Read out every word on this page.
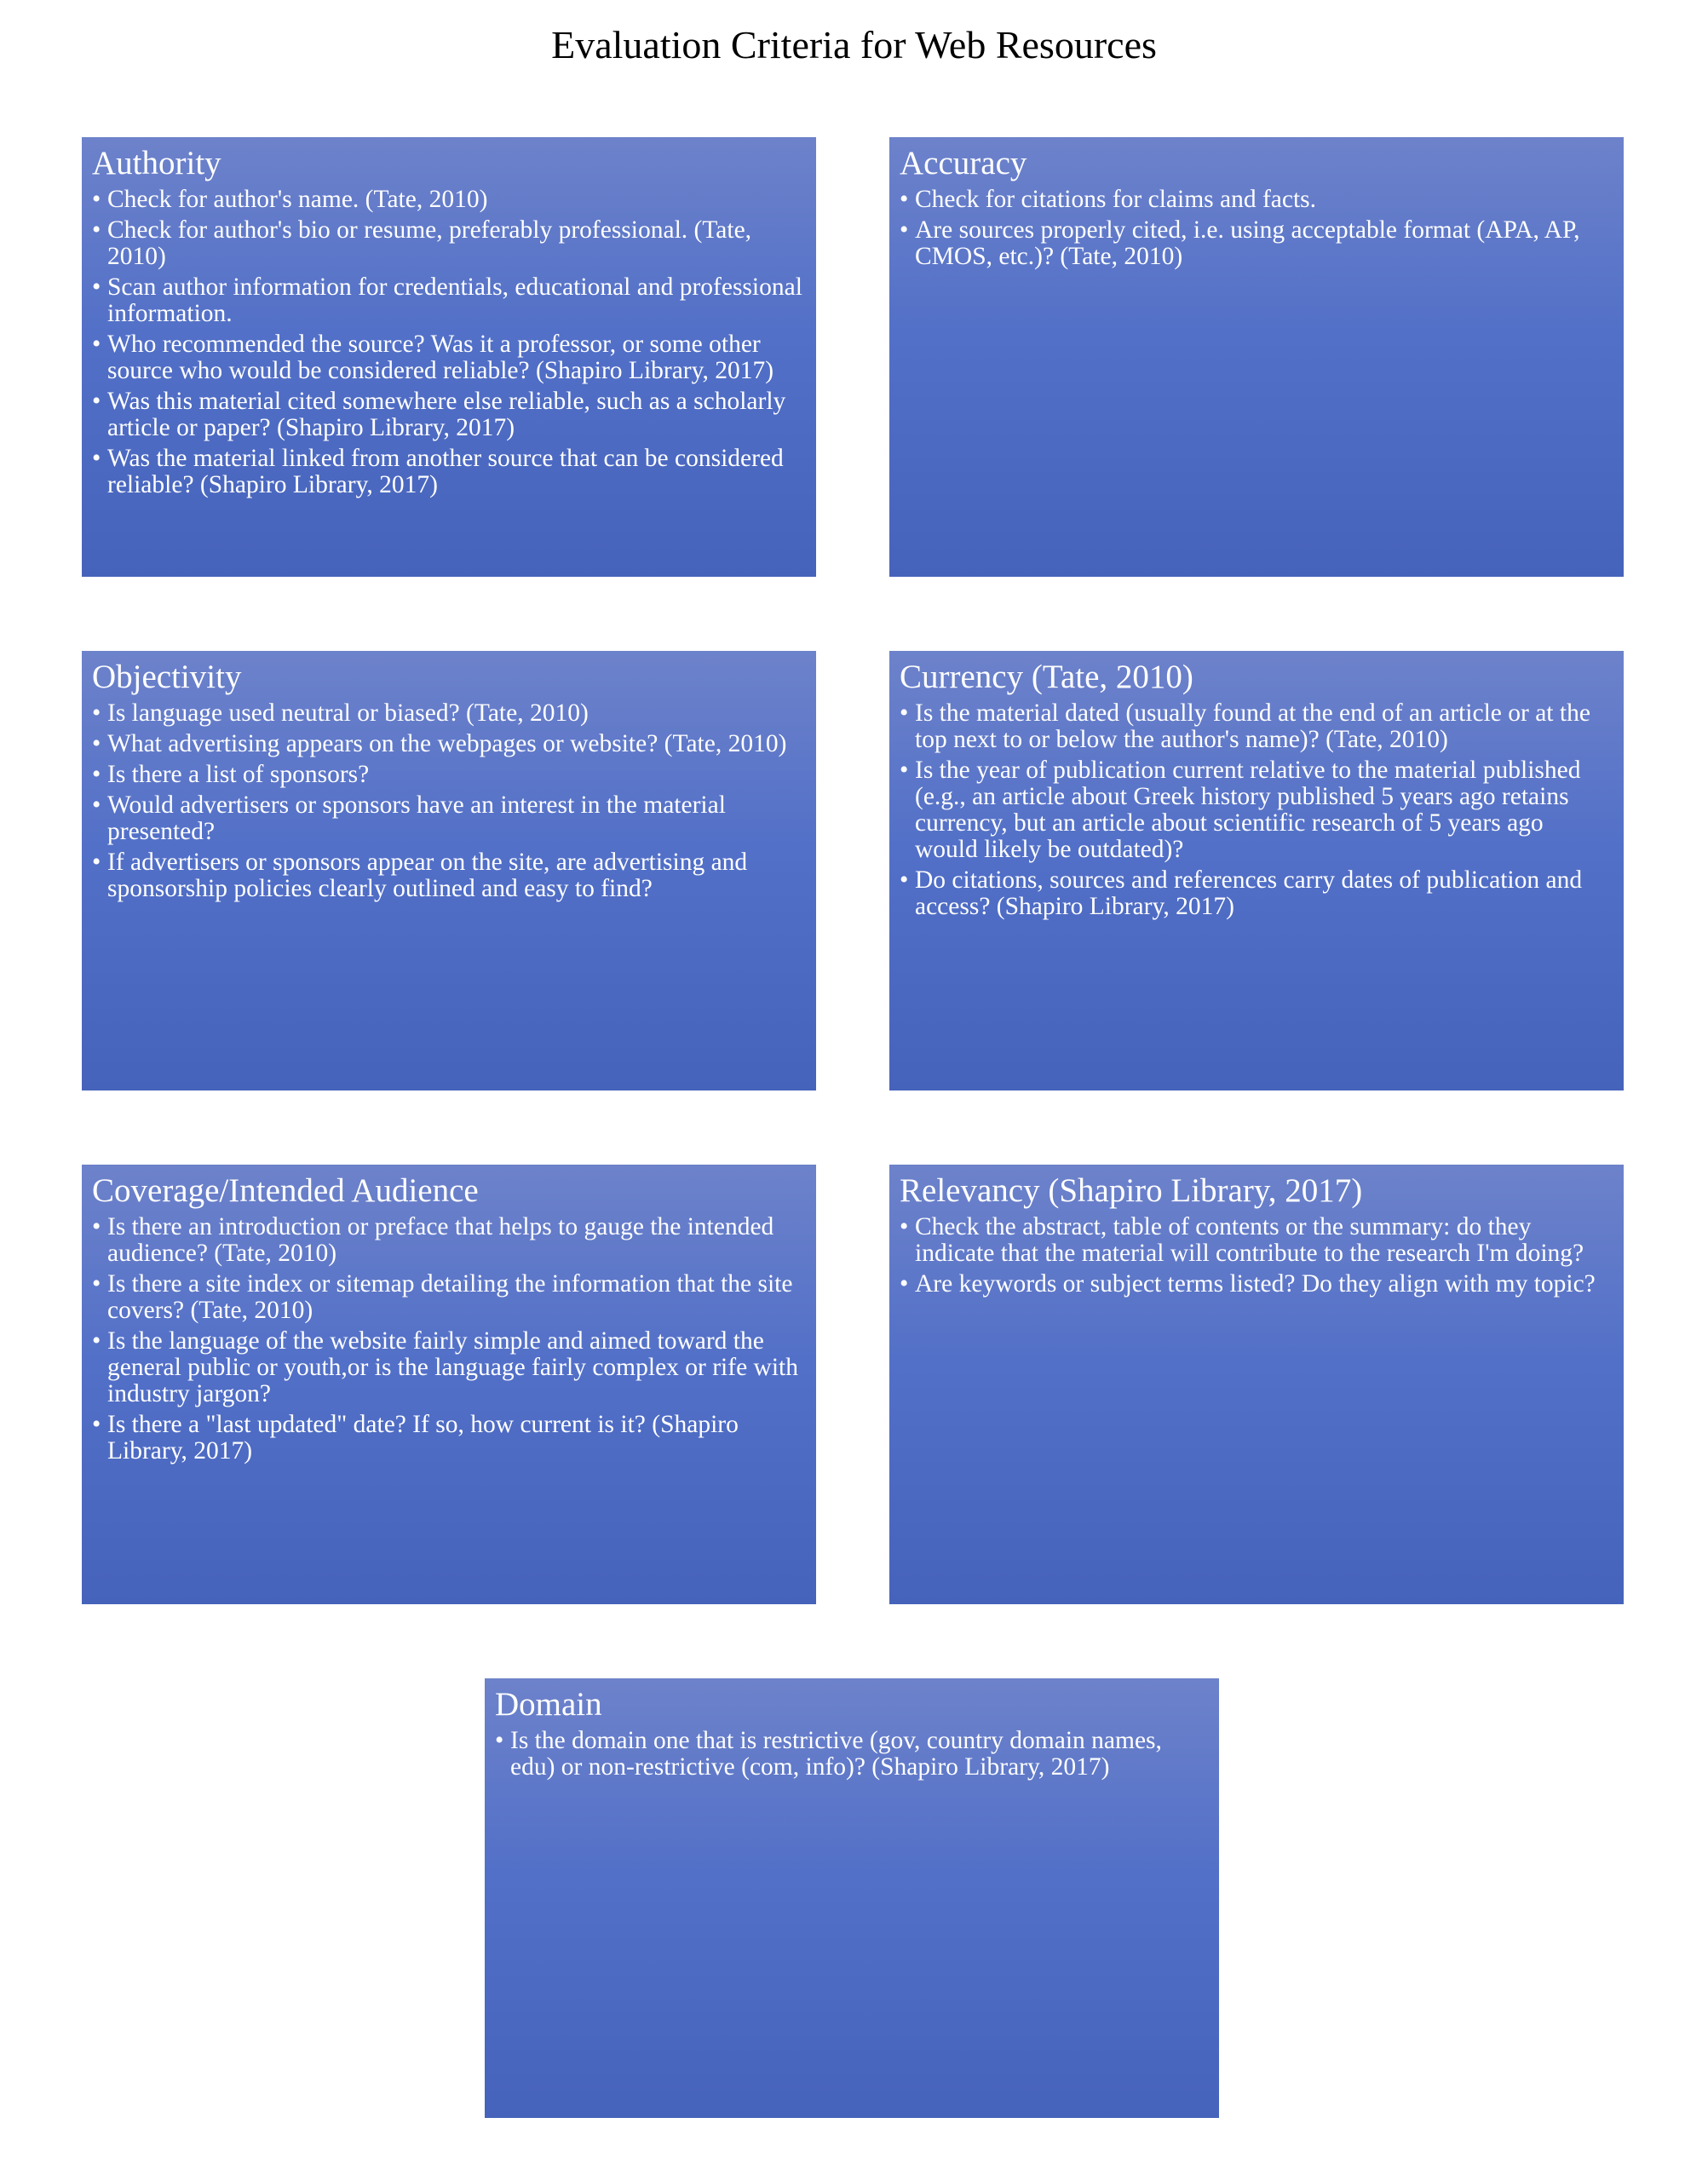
Evaluation Criteria for Web Resources
Authority
• Check for author's name. (Tate, 2010)
• Check for author's bio or resume, preferably professional. (Tate, 2010)
• Scan author information for credentials, educational and professional information.
• Who recommended the source? Was it a professor, or some other source who would be considered reliable? (Shapiro Library, 2017)
• Was this material cited somewhere else reliable, such as a scholarly article or paper? (Shapiro Library, 2017)
• Was the material linked from another source that can be considered reliable? (Shapiro Library, 2017)
Accuracy
• Check for citations for claims and facts.
• Are sources properly cited, i.e. using acceptable format (APA, AP, CMOS, etc.)? (Tate, 2010)
Objectivity
• Is language used neutral or biased? (Tate, 2010)
• What advertising appears on the webpages or website? (Tate, 2010)
• Is there a list of sponsors?
• Would advertisers or sponsors have an interest in the material presented?
• If advertisers or sponsors appear on the site, are advertising and sponsorship policies clearly outlined and easy to find?
Currency (Tate, 2010)
• Is the material dated (usually found at the end of an article or at the top next to or below the author's name)? (Tate, 2010)
• Is the year of publication current relative to the material published (e.g., an article about Greek history published 5 years ago retains currency, but an article about scientific research of 5 years ago would likely be outdated)?
• Do citations, sources and references carry dates of publication and access? (Shapiro Library, 2017)
Coverage/Intended Audience
• Is there an introduction or preface that helps to gauge the intended audience? (Tate, 2010)
• Is there a site index or sitemap detailing the information that the site covers? (Tate, 2010)
• Is the language of the website fairly simple and aimed toward the general public or youth,or is the language fairly complex or rife with industry jargon?
• Is there a "last updated" date? If so, how current is it? (Shapiro Library, 2017)
Relevancy (Shapiro Library, 2017)
• Check the abstract, table of contents or the summary: do they indicate that the material will contribute to the research I'm doing?
• Are keywords or subject terms listed? Do they align with my topic?
Domain
• Is the domain one that is restrictive (gov, country domain names, edu) or non-restrictive (com, info)? (Shapiro Library, 2017)
